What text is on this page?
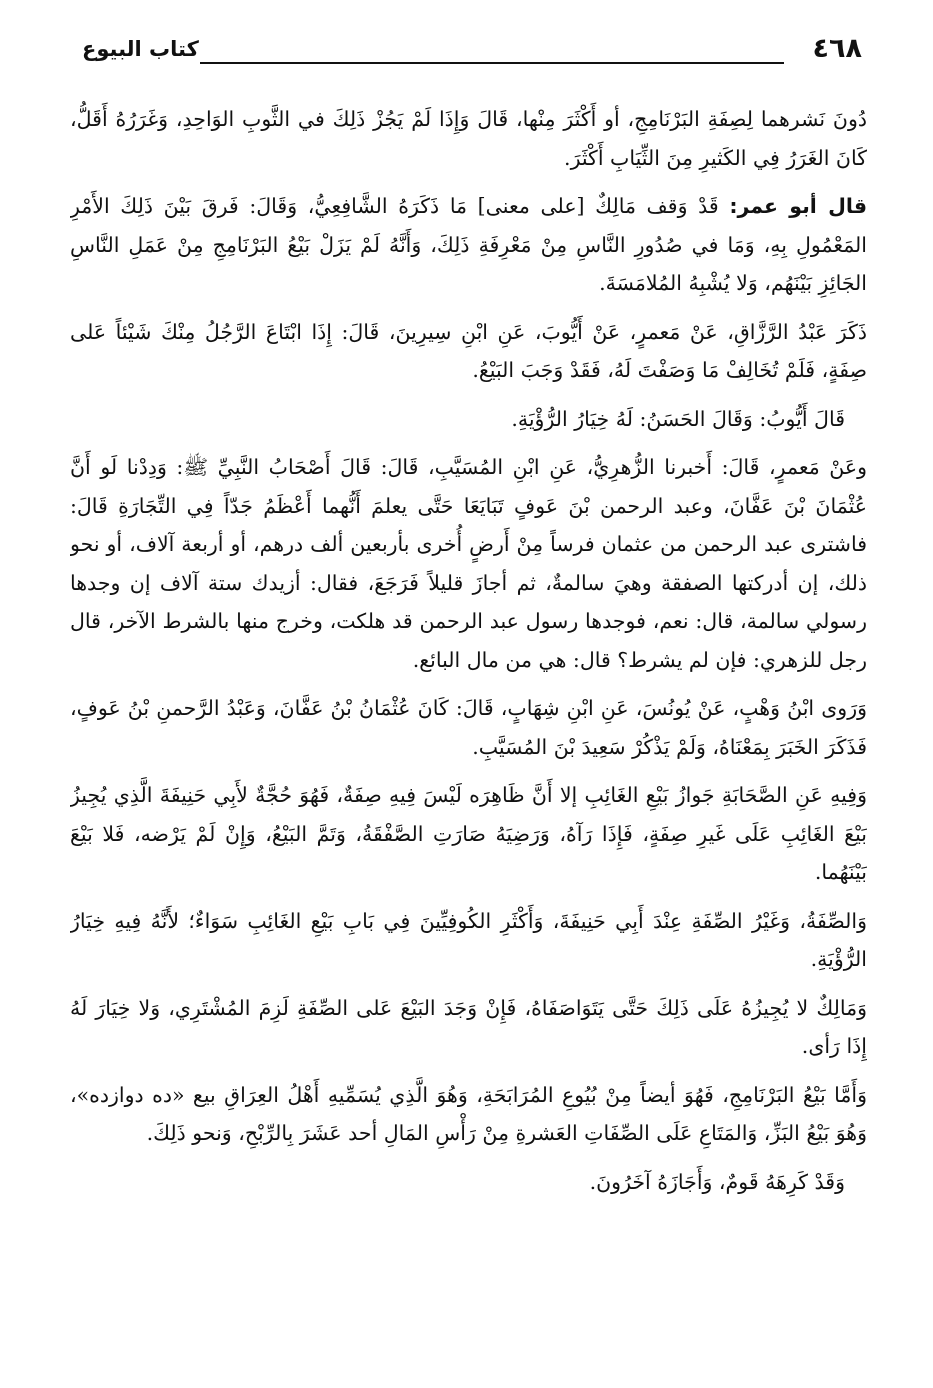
٤٦٨
كتاب البيوع

دُونَ نَشرهما لِصِفَةِ البَرْنَامِجِ، أو أَكْثَرَ مِنْها، قَالَ وَإِذَا لَمْ يَجُزْ ذَلِكَ في الثَّوبِ الوَاحِدِ، وَغَرَرُهُ أَقَلُّ، كَانَ الغَرَرُ فِي الكَثيرِ مِنَ الثِّيَابِ أَكْثَرَ.

قال أبو عمر: قَدْ وَقف مَالِكٌ [على معنى] مَا ذَكَرَهُ الشَّافِعِيُّ، وَقَالَ: فَرقَ بَيْنَ ذَلِكَ الأَمْرِ المَعْمُولِ بِهِ، وَمَا في صُدُورِ النَّاسِ مِنْ مَعْرِفَةِ ذَلِكَ، وَأَنَّهُ لَمْ يَزَلْ بَيْعُ البَرْنَامِجِ مِنْ عَمَلِ النَّاسِ الجَائِزِ بَيْنَهُم، وَلا يُشْبِهُ المُلامَسَةَ.

ذَكَرَ عَبْدُ الرَّزَّاقِ، عَنْ مَعمرٍ، عَنْ أَيُّوبَ، عَنِ ابْنِ سِيرِينَ، قَالَ: إِذَا ابْتَاعَ الرَّجُلُ مِنْكَ شَيْئاً عَلى صِفَةٍ، فَلَمْ تُخَالِفْ مَا وَصَفْتَ لَهُ، فَقَدْ وَجَبَ البَيْعُ.

قَالَ أَيُّوبُ: وَقَالَ الحَسَنُ: لَهُ خِيَارُ الرُّؤْيَةِ.

وعَنْ مَعمرٍ، قَالَ: أَخبرنا الزُّهرِيُّ، عَنِ ابْنِ المُسَيَّبِ، قَالَ: قَالَ أَصْحَابُ النَّبِيِّ ﷺ: وَدِدْنا لَو أَنَّ عُثْمَانَ بْنَ عَفَّانَ، وعبد الرحمن بْنَ عَوفٍ تَبَايَعَا حَتَّى يعلمَ أَنُّهما أَعْظَمُ جَدّاً فِي التِّجَارَةِ قَالَ: فاشترى عبد الرحمن من عثمان فرساً مِنْ أَرضٍ أُخرى بأربعين ألف درهم، أو أربعة آلاف، أو نحو ذلك، إن أدركتها الصفقة وهيَ سالمةٌ، ثم أجازَ قليلاً فَرَجَعَ، فقال: أزيدك ستة آلاف إن وجدها رسولي سالمة، قال: نعم، فوجدها رسول عبد الرحمن قد هلكت، وخرج منها بالشرط الآخر، قال رجل للزهري: فإن لم يشرط؟ قال: هي من مال البائع.

وَرَوى ابْنُ وَهْبٍ، عَنْ يُونُسَ، عَنِ ابْنِ شِهَابٍ، قَالَ: كَانَ عُثْمَانُ بْنُ عَفَّانَ، وَعَبْدُ الرَّحمنِ بْنُ عَوفٍ، فَذَكَرَ الخَبَرَ بِمَعْنَاهُ، وَلَمْ يَذْكُرْ سَعِيدَ بْنَ المُسَيَّبِ.

وَفِيهِ عَنِ الصَّحَابَةِ جَوازُ بَيْعِ الغَائِبِ إلا أَنَّ ظَاهِرَه لَيْسَ فِيهِ صِفَةٌ، فَهُوَ حُجَّةٌ لأَبِي حَنِيفَةَ الَّذِي يُجِيزُ بَيْعَ الغَائِبِ عَلَى غَيرِ صِفَةٍ، فَإِذَا رَآهُ، وَرَضِيَهُ صَارَتِ الصَّفْقَةُ، وَتَمَّ البَيْعُ، وَإِنْ لَمْ يَرْضه، فَلا بَيْعَ بَيْنَهُما.

وَالصِّفَةُ، وَغَيْرُ الصِّفَةِ عِنْدَ أَبِي حَنِيفَةَ، وَأَكْثَرِ الكُوفِيِّينَ فِي بَابِ بَيْعِ الغَائِبِ سَوَاءٌ؛ لأَنَّهُ فِيهِ خِيَارُ الرُّؤْيَةِ.

وَمَالِكٌ لا يُجِيزُهُ عَلَى ذَلِكَ حَتَّى يَتَوَاصَفَاهُ، فَإِنْ وَجَدَ البَيْعَ عَلى الصِّفَةِ لَزِمَ المُشْتَرِي، وَلا خِيَارَ لَهُ إِذَا رَأى.

وَأَمَّا بَيْعُ البَرْنَامِجِ، فَهُوَ أيضاً مِنْ بُيُوعِ المُرَابَحَةِ، وَهُوَ الَّذِي يُسَمِّيهِ أَهْلُ العِرَاقِ بيع «ده دوازده»، وَهُوَ بَيْعُ البَزِّ، وَالمَتَاعِ عَلَى الصِّفَاتِ العَشرةِ مِنْ رَأْسِ المَالِ أحد عَشَرَ بِالرِّبْحِ، وَنحو ذَلِكَ.

وَقَدْ كَرِهَهُ قَومٌ، وَأَجَازَهُ آخَرُونَ.
